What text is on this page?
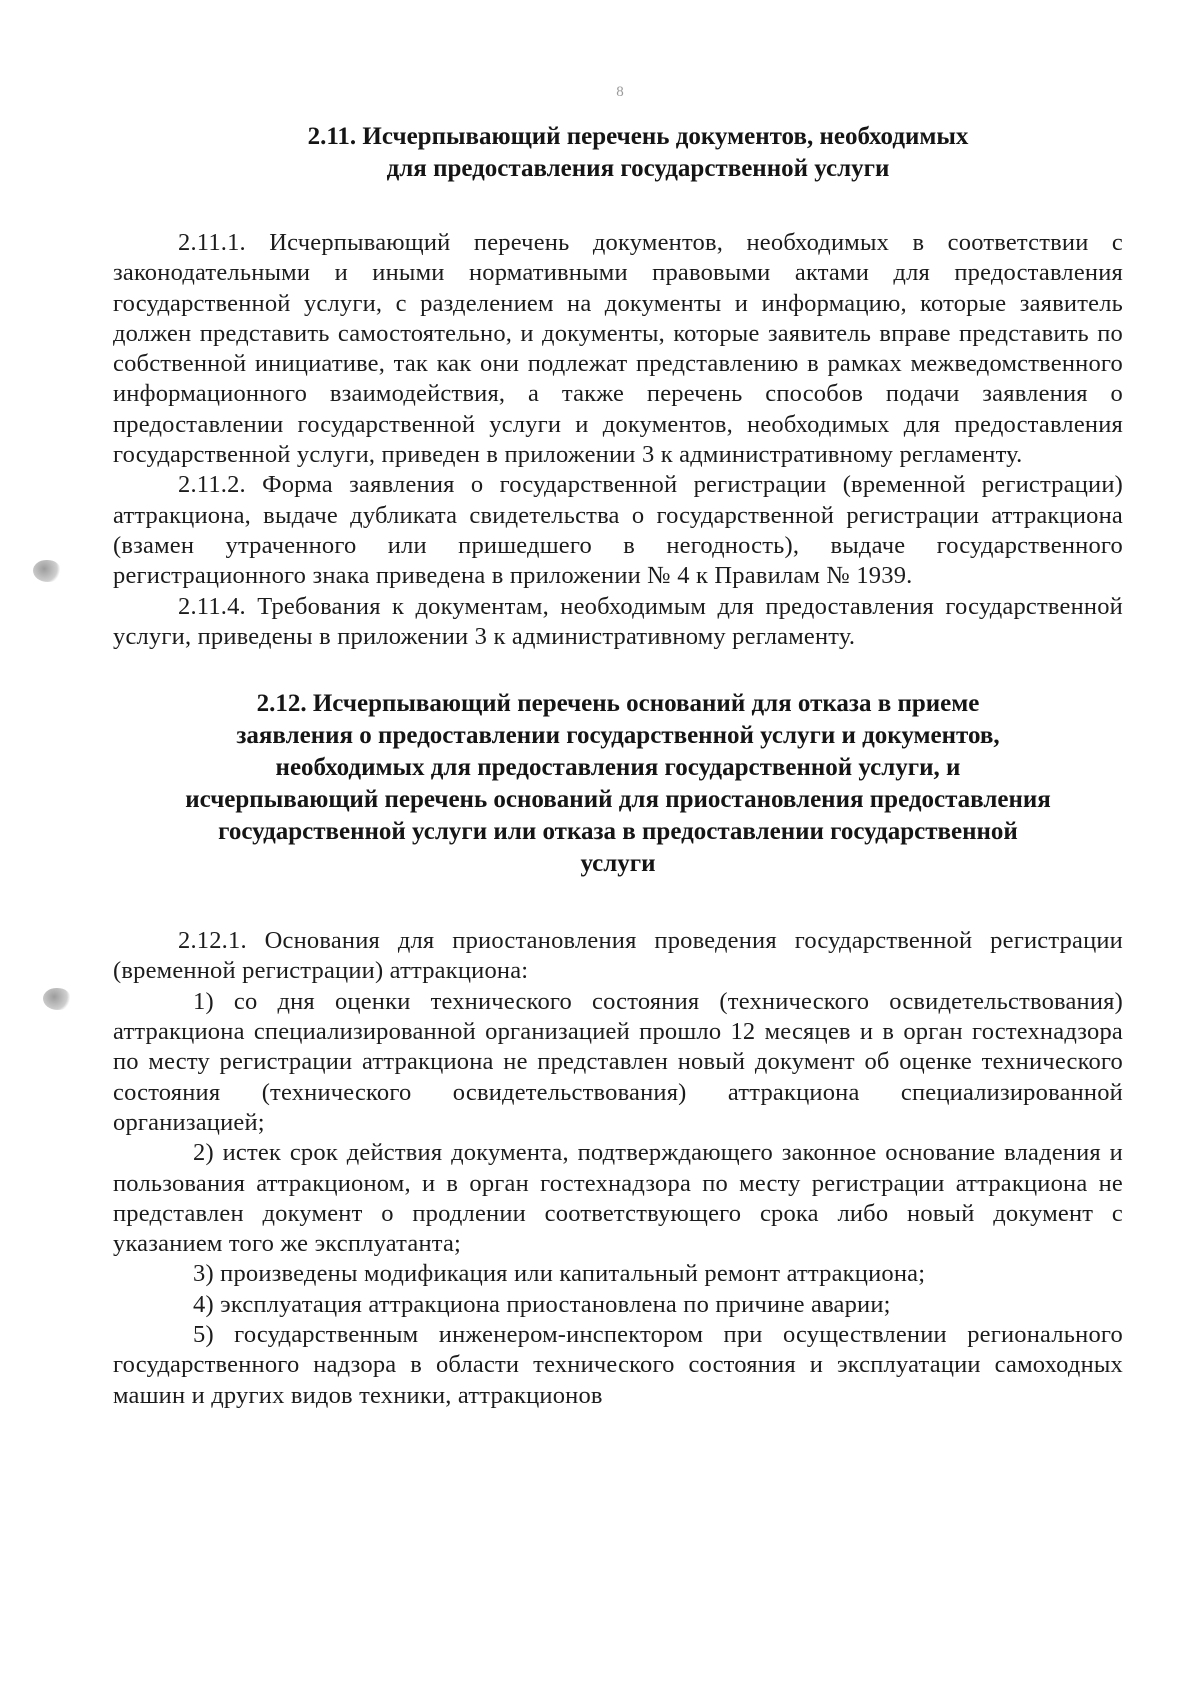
8
2.11. Исчерпывающий перечень документов, необходимых
для предоставления государственной услуги

2.11.1. Исчерпывающий перечень документов, необходимых в соответствии с законодательными и иными нормативными правовыми актами для предоставления государственной услуги, с разделением на документы и информацию, которые заявитель должен представить самостоятельно, и документы, которые заявитель вправе представить по собственной инициативе, так как они подлежат представлению в рамках межведомственного информационного взаимодействия, а также перечень способов подачи заявления о предоставлении государственной услуги и документов, необходимых для предоставления государственной услуги, приведен в приложении 3 к административному регламенту.

2.11.2. Форма заявления о государственной регистрации (временной регистрации) аттракциона, выдаче дубликата свидетельства о государственной регистрации аттракциона (взамен утраченного или пришедшего в негодность), выдаче государственного регистрационного знака приведена в приложении № 4 к Правилам № 1939.

2.11.4. Требования к документам, необходимым для предоставления государственной услуги, приведены в приложении 3 к административному регламенту.

2.12. Исчерпывающий перечень оснований для отказа в приеме
заявления о предоставлении государственной услуги и документов,
необходимых для предоставления государственной услуги, и
исчерпывающий перечень оснований для приостановления предоставления
государственной услуги или отказа в предоставлении государственной
услуги

2.12.1. Основания для приостановления проведения государственной регистрации (временной регистрации) аттракциона:

1) со дня оценки технического состояния (технического освидетельствования) аттракциона специализированной организацией прошло 12 месяцев и в орган гостехнадзора по месту регистрации аттракциона не представлен новый документ об оценке технического состояния (технического освидетельствования) аттракциона специализированной организацией;

2) истек срок действия документа, подтверждающего законное основание владения и пользования аттракционом, и в орган гостехнадзора по месту регистрации аттракциона не представлен документ о продлении соответствующего срока либо новый документ с указанием того же эксплуатанта;

3) произведены модификация или капитальный ремонт аттракциона;

4) эксплуатация аттракциона приостановлена по причине аварии;

5) государственным инженером-инспектором при осуществлении регионального государственного надзора в области технического состояния и эксплуатации самоходных машин и других видов техники, аттракционов
